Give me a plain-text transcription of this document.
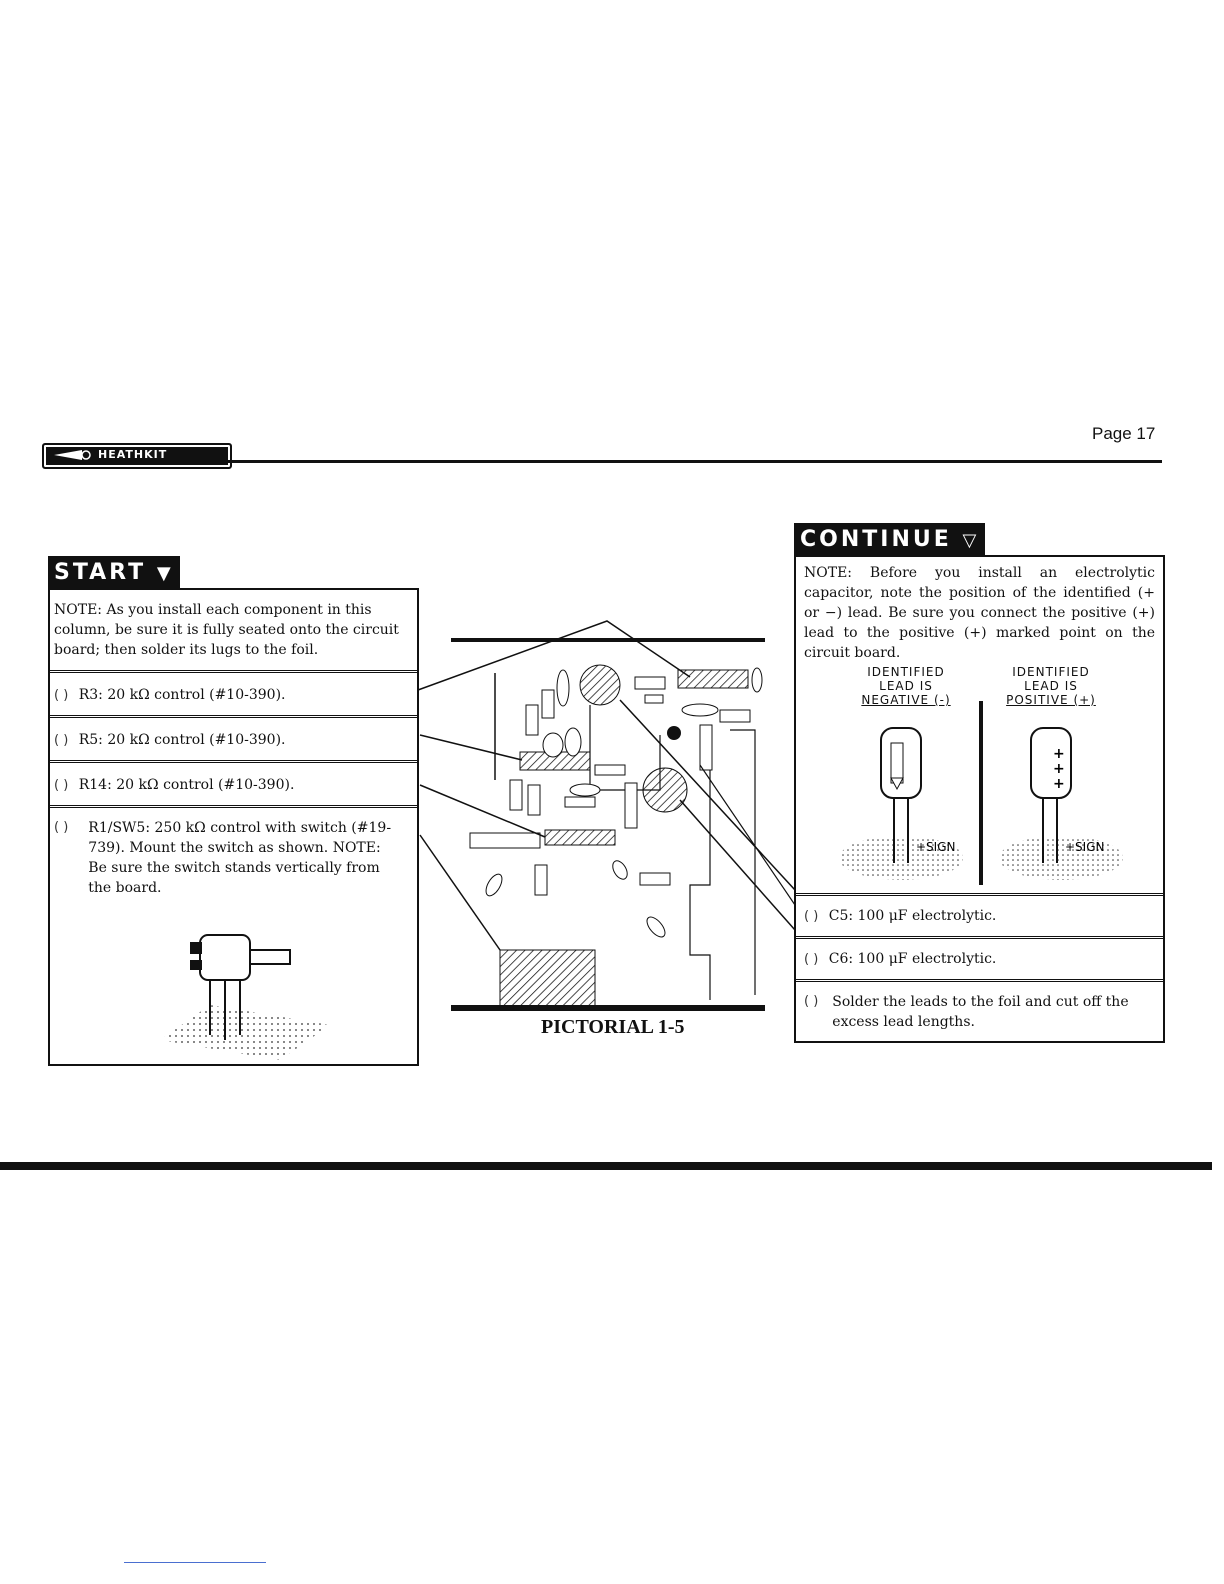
HEATHKIT
Page 17
START ▼
NOTE: As you install each component in this column, be sure it is fully seated onto the circuit board; then solder its lugs to the foil.
( ) R3: 20 kΩ control (#10-390).
( ) R5: 20 kΩ control (#10-390).
( ) R14: 20 kΩ control (#10-390).
( )	R1/SW5: 250 kΩ control with switch (#19-739). Mount the switch as shown. NOTE: Be sure the switch stands vertically from the board.
PICTORIAL 1-5
CONTINUE ▽
NOTE: Before you install an electrolytic capacitor, note the position of the identified (+ or −) lead. Be sure you connect the positive (+) lead to the positive (+) marked point on the circuit board.
IDENTIFIED
LEAD IS
NEGATIVE (-)
IDENTIFIED
LEAD IS
POSITIVE (+)
+SIGN
+
+
+
+SIGN
( ) C5: 100 μF electrolytic.
( ) C6: 100 μF electrolytic.
( )	Solder the leads to the foil and cut off the excess lead lengths.
